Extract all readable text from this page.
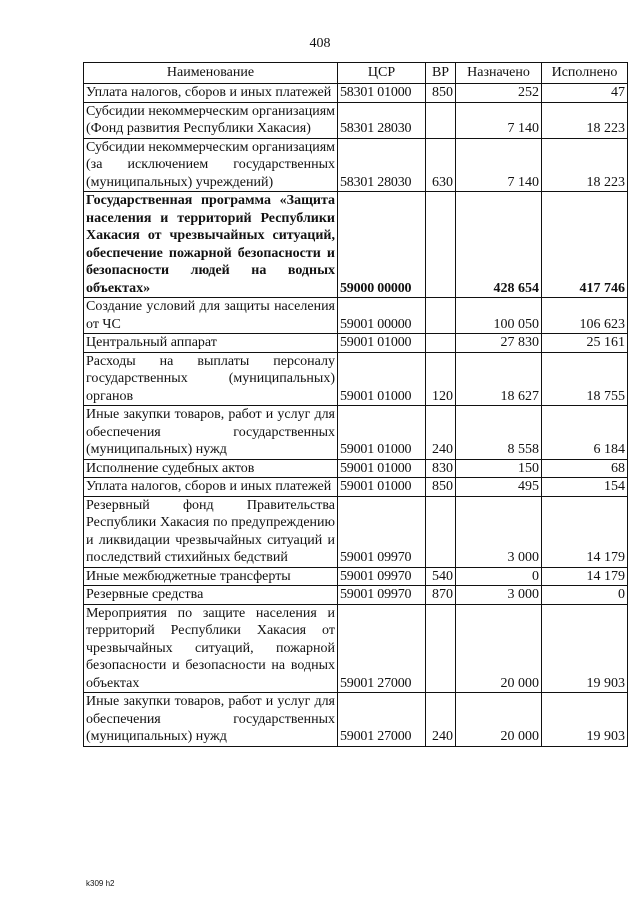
408
Наименование	ЦСР	ВР	Назначено	Исполнено
Уплата налогов, сборов и иных платежей	58301 01000	850	252	47
Субсидии некоммерческим организациям (Фонд развития Республики Хакасия)	58301 28030		7 140	18 223
Субсидии некоммерческим организациям (за исключением государственных (муниципальных) учреждений)	58301 28030	630	7 140	18 223
Государственная программа «Защита населения и территорий Республики Хакасия от чрезвычайных ситуаций, обеспечение пожарной безопасности и безопасности людей на водных объектах»	59000 00000		428 654	417 746
Создание условий для защиты населения от ЧС	59001 00000		100 050	106 623
Центральный аппарат	59001 01000		27 830	25 161
Расходы на выплаты персоналу государственных (муниципальных) органов	59001 01000	120	18 627	18 755
Иные закупки товаров, работ и услуг для обеспечения государственных (муниципальных) нужд	59001 01000	240	8 558	6 184
Исполнение судебных актов	59001 01000	830	150	68
Уплата налогов, сборов и иных платежей	59001 01000	850	495	154
Резервный фонд Правительства Республики Хакасия по предупреждению и ликвидации чрезвычайных ситуаций и последствий стихийных бедствий	59001 09970		3 000	14 179
Иные межбюджетные трансферты	59001 09970	540	0	14 179
Резервные средства	59001 09970	870	3 000	0
Мероприятия по защите населения и территорий Республики Хакасия от чрезвычайных ситуаций, пожарной безопасности и безопасности на водных объектах	59001 27000		20 000	19 903
Иные закупки товаров, работ и услуг для обеспечения государственных (муниципальных) нужд	59001 27000	240	20 000	19 903
k309 h2
